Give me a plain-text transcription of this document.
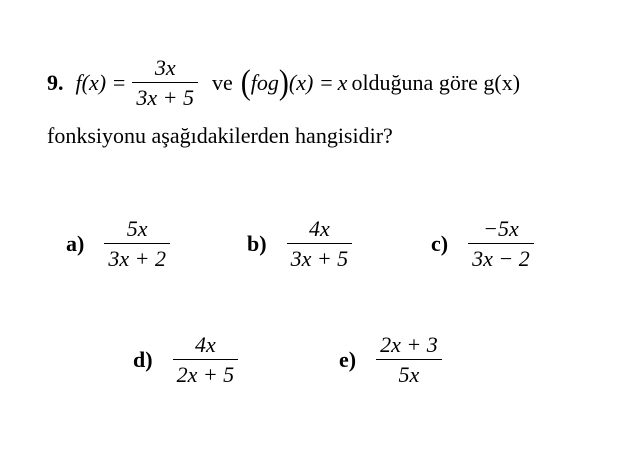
9. f $(x) = \frac{3x}{3x + 5}$ ve ( fog ) (x) = x olduğuna göre g(x)
fonksiyonu aşağıdakilerden hangisidir?
$a) \frac{5x}{3x + 2}$	$b) \frac{4x}{3x + 5}$	$c) \frac{-5x}{3x - 2}$
$d) \frac{4x}{2x + 5}$	$e) \frac{2x + 3}{5x}$
